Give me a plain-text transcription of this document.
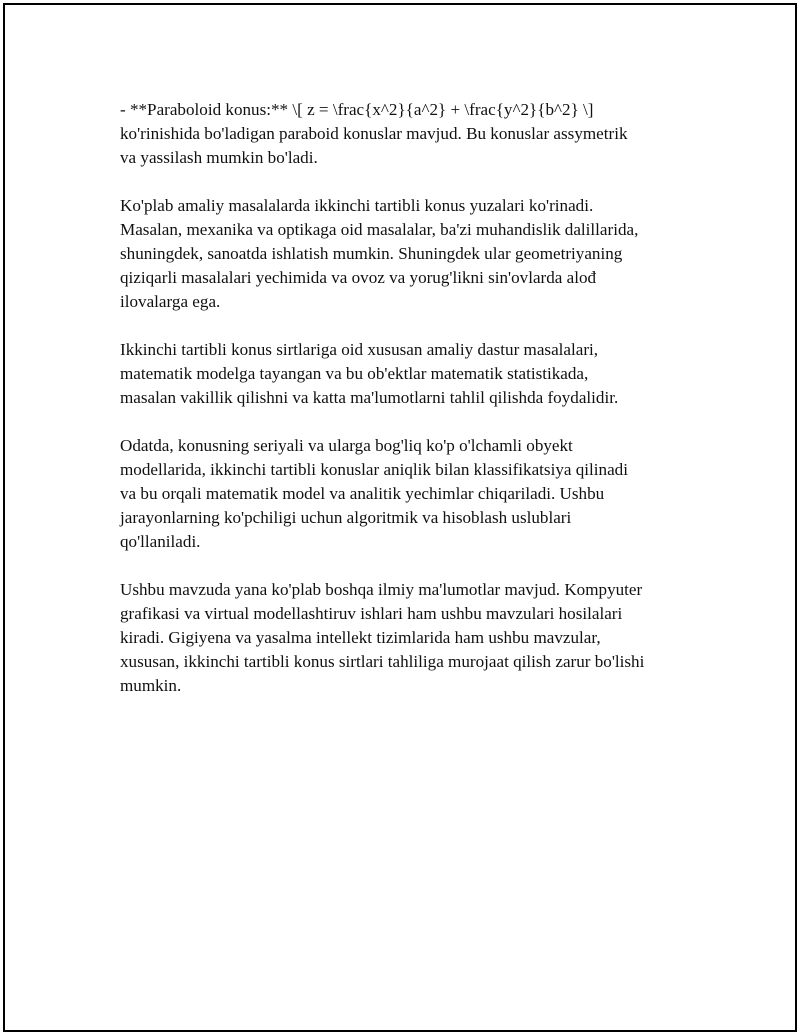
- **Paraboloid konus:** \[ z = \frac{x^2}{a^2} + \frac{y^2}{b^2} \]
ko'rinishida bo'ladigan paraboid konuslar mavjud. Bu konuslar assymetrik
va yassilash mumkin bo'ladi.

Ko'plab amaliy masalalarda ikkinchi tartibli konus yuzalari ko'rinadi.
Masalan, mexanika va optikaga oid masalalar, ba'zi muhandislik dalillarida,
shuningdek, sanoatda ishlatish mumkin. Shuningdek ular geometriyaning
qiziqarli masalalari yechimida va ovoz va yorug'likni sin'ovlarda alođ
ilovalarga ega.

Ikkinchi tartibli konus sirtlariga oid xususan amaliy dastur masalalari,
matematik modelga tayangan va bu ob'ektlar matematik statistikada,
masalan vakillik qilishni va katta ma'lumotlarni tahlil qilishda foydalidir.

Odatda, konusning seriyali va ularga bog'liq ko'p o'lchamli obyekt
modellarida, ikkinchi tartibli konuslar aniqlik bilan klassifikatsiya qilinadi
va bu orqali matematik model va analitik yechimlar chiqariladi. Ushbu
jarayonlarning ko'pchiligi uchun algoritmik va hisoblash uslublari
qo'llaniladi.

Ushbu mavzuda yana ko'plab boshqa ilmiy ma'lumotlar mavjud. Kompyuter
grafikasi va virtual modellashtiruv ishlari ham ushbu mavzulari hosilalari
kiradi. Gigiyena va yasalma intellekt tizimlarida ham ushbu mavzular,
xususan, ikkinchi tartibli konus sirtlari tahliliga murojaat qilish zarur bo'lishi
mumkin.
